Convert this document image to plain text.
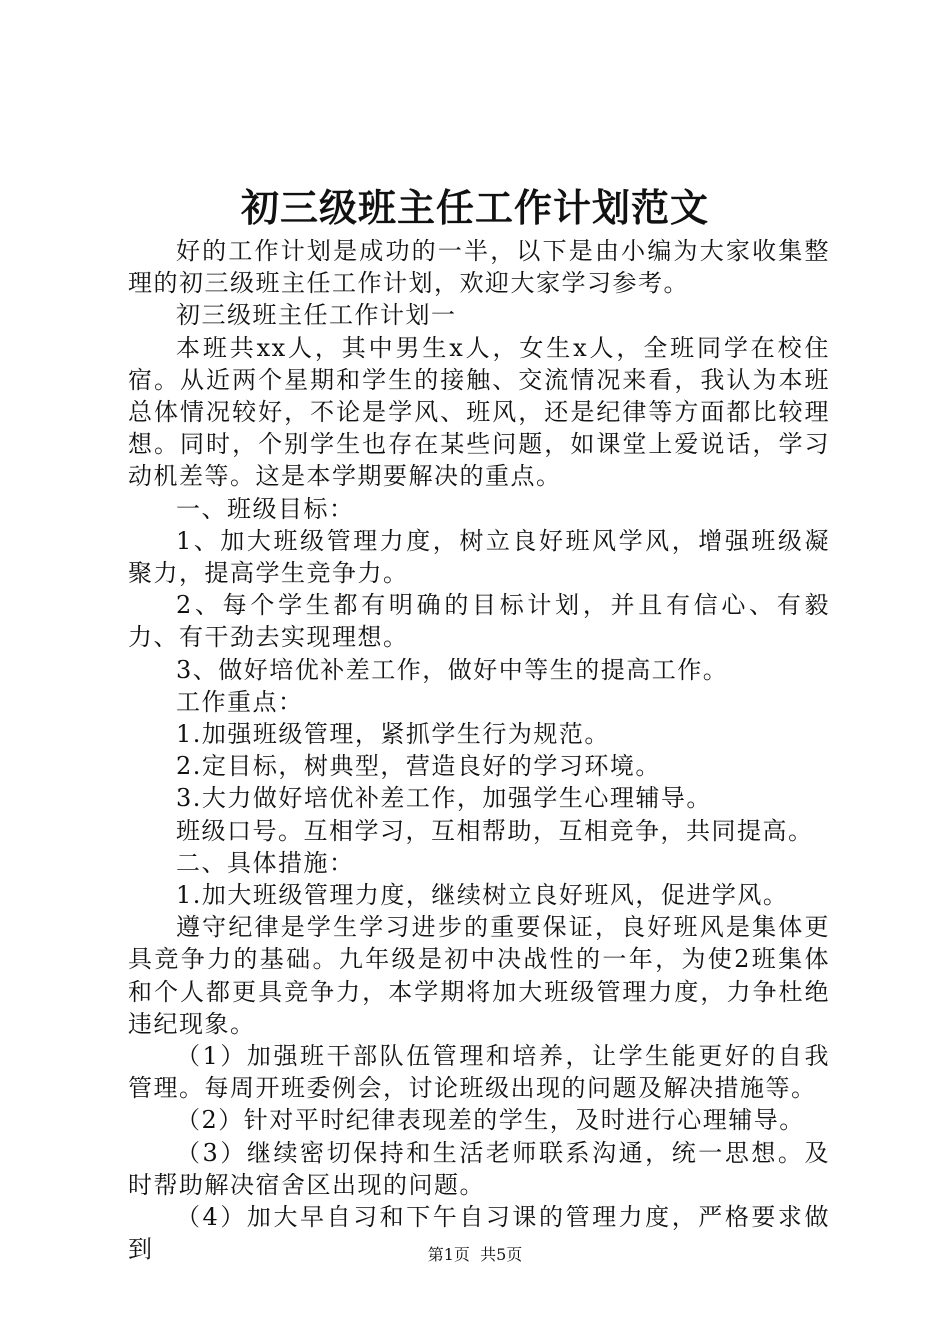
初三级班主任工作计划范文

好的工作计划是成功的一半，以下是由小编为大家收集整理的初三级班主任工作计划，欢迎大家学习参考。

初三级班主任工作计划一

本班共xx人，其中男生x人，女生x人，全班同学在校住宿。从近两个星期和学生的接触、交流情况来看，我认为本班总体情况较好，不论是学风、班风，还是纪律等方面都比较理想。同时，个别学生也存在某些问题，如课堂上爱说话，学习动机差等。这是本学期要解决的重点。

一、班级目标：

1、加大班级管理力度，树立良好班风学风，增强班级凝聚力，提高学生竞争力。

2、每个学生都有明确的目标计划，并且有信心、有毅力、有干劲去实现理想。

3、做好培优补差工作，做好中等生的提高工作。

工作重点：

1.加强班级管理，紧抓学生行为规范。

2.定目标，树典型，营造良好的学习环境。

3.大力做好培优补差工作，加强学生心理辅导。

班级口号。互相学习，互相帮助，互相竞争，共同提高。

二、具体措施：

1.加大班级管理力度，继续树立良好班风，促进学风。

遵守纪律是学生学习进步的重要保证，良好班风是集体更具竞争力的基础。九年级是初中决战性的一年，为使2班集体和个人都更具竞争力，本学期将加大班级管理力度，力争杜绝违纪现象。

（1）加强班干部队伍管理和培养，让学生能更好的自我管理。每周开班委例会，讨论班级出现的问题及解决措施等。

（2）针对平时纪律表现差的学生，及时进行心理辅导。

（3）继续密切保持和生活老师联系沟通，统一思想。及时帮助解决宿舍区出现的问题。

（4）加大早自习和下午自习课的管理力度，严格要求做到	第1页 共5页
